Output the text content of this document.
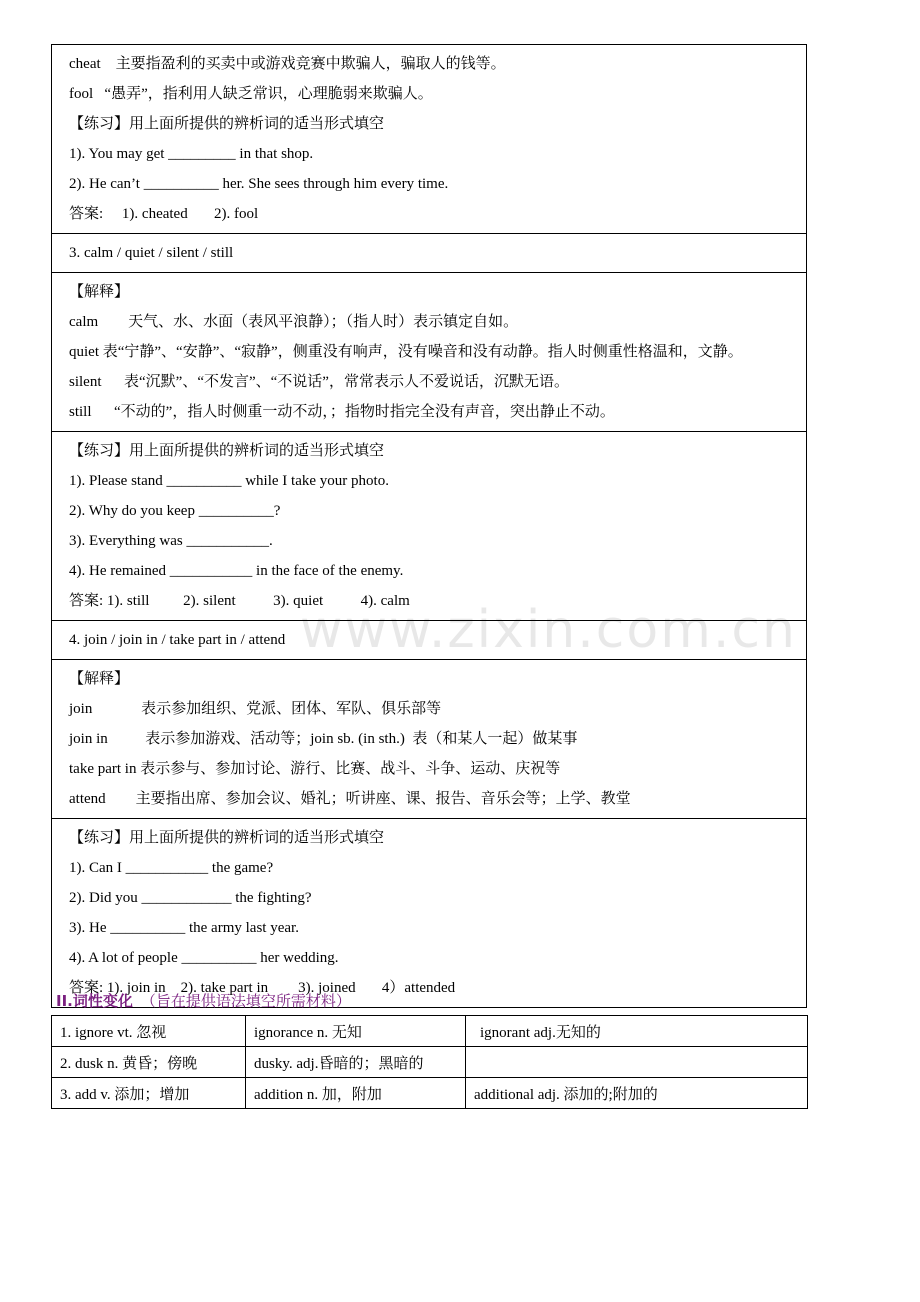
www.zixin.com.cn
cheat    主要指盈利的买卖中或游戏竞赛中欺骗人，骗取人的钱等。
fool   “愚弄”，指利用人缺乏常识，心理脆弱来欺骗人。
【练习】用上面所提供的辨析词的适当形式填空
1). You may get _________ in that shop.
2). He can’t __________ her. She sees through him every time.
答案:     1). cheated       2). fool

3. calm / quiet / silent / still

【解释】
calm        天气、水、水面（表风平浪静）；（指人时）表示镇定自如。
quiet 表“宁静”、“安静”、“寂静”，侧重没有响声，没有噪音和没有动静。指人时侧重性格温和，文静。
silent      表“沉默”、“不发言”、“不说话”，常常表示人不爱说话，沉默无语。
still      “不动的”，指人时侧重一动不动，；指物时指完全没有声音，突出静止不动。

【练习】用上面所提供的辨析词的适当形式填空
1). Please stand __________ while I take your photo.
2). Why do you keep __________?
3). Everything was ___________.
4). He remained ___________ in the face of the enemy.
答案: 1). still         2). silent          3). quiet          4). calm

4. join / join in / take part in / attend

【解释】
join             表示参加组织、党派、团体、军队、俱乐部等
join in          表示参加游戏、活动等；join sb. (in sth.)  表（和某人一起）做某事
take part in 表示参与、参加讨论、游行、比赛、战斗、斗争、运动、庆祝等
attend        主要指出席、参加会议、婚礼；听讲座、课、报告、音乐会等；上学、教堂

【练习】用上面所提供的辨析词的适当形式填空
1). Can I ___________ the game?
2). Did you ____________ the fighting?
3). He __________ the army last year.
4). A lot of people __________ her wedding.
答案: 1). join in    2). take part in        3). joined       4）attended
II.词性变化 （旨在提供语法填空所需材料）
1. ignore vt. 忽视	ignorance n. 无知	ignorant adj.无知的
2. dusk n. 黄昏；傍晚	dusky. adj.昏暗的；黑暗的	
3. add v. 添加；增加	addition n. 加，附加	additional adj. 添加的;附加的
